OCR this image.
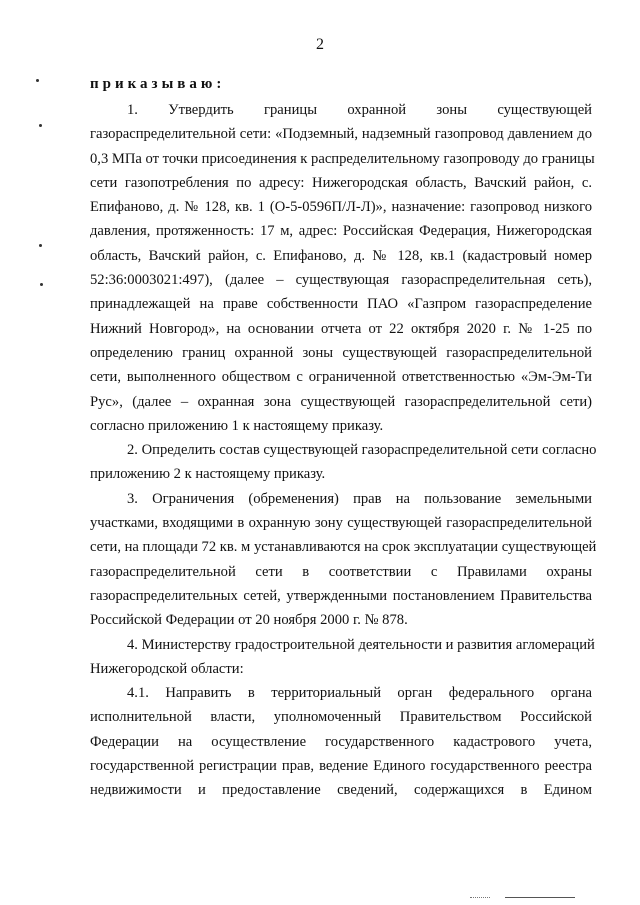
2
приказываю:
1. Утвердить границы охранной зоны существующей
газораспределительной сети: «Подземный, надземный газопровод давлением до
0,3 МПа от точки присоединения к распределительному газопроводу до границы
сети газопотребления по адресу: Нижегородская область, Вачский район, с.
Епифаново, д. № 128, кв. 1 (О-5-0596П/Л-Л)», назначение: газопровод низкого
давления, протяженность: 17 м, адрес: Российская Федерация, Нижегородская
область, Вачский район, с. Епифаново, д. № 128, кв.1 (кадастровый номер
52:36:0003021:497), (далее – существующая газораспределительная сеть),
принадлежащей на праве собственности ПАО «Газпром газораспределение
Нижний Новгород», на основании отчета от 22 октября 2020 г. № 1-25 по
определению границ охранной зоны существующей газораспределительной
сети, выполненного обществом с ограниченной ответственностью «Эм-Эм-Ти
Рус», (далее – охранная зона существующей газораспределительной сети)
согласно приложению 1 к настоящему приказу.
2. Определить состав существующей газораспределительной сети согласно
приложению 2 к настоящему приказу.
3. Ограничения (обременения) прав на пользование земельными
участками, входящими в охранную зону существующей газораспределительной
сети, на площади 72 кв. м устанавливаются на срок эксплуатации существующей
газораспределительной сети в соответствии с Правилами охраны
газораспределительных сетей, утвержденными постановлением Правительства
Российской Федерации от 20 ноября 2000 г. № 878.
4. Министерству градостроительной деятельности и развития агломераций
Нижегородской области:
4.1. Направить в территориальный орган федерального органа
исполнительной власти, уполномоченный Правительством Российской
Федерации на осуществление государственного кадастрового учета,
государственной регистрации прав, ведение Единого государственного реестра
недвижимости и предоставление сведений, содержащихся в Едином
